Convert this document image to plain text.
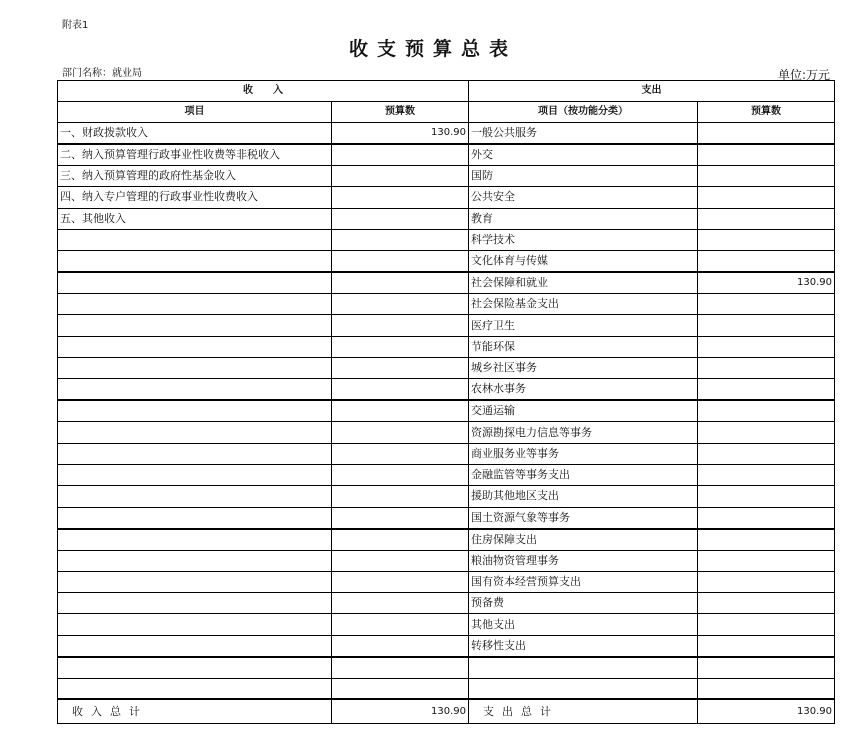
附表1
收支预算总表
部门名称：就业局	单位:万元
收　　入		支出	
项目	预算数	项目（按功能分类）	预算数
一、财政拨款收入	130.90	一般公共服务	
二、纳入预算管理行政事业性收费等非税收入		外交	
三、纳入预算管理的政府性基金收入		国防	
四、纳入专户管理的行政事业性收费收入		公共安全	
五、其他收入		教育	
		科学技术	
		文化体育与传媒	
		社会保障和就业	130.90
		社会保险基金支出	
		医疗卫生	
		节能环保	
		城乡社区事务	
		农林水事务	
		交通运输	
		资源勘探电力信息等事务	
		商业服务业等事务	
		金融监管等事务支出	
		援助其他地区支出	
		国土资源气象等事务	
		住房保障支出	
		粮油物资管理事务	
		国有资本经营预算支出	
		预备费	
		其他支出	
		转移性支出	

收入总计	130.90	支出总计	130.90
